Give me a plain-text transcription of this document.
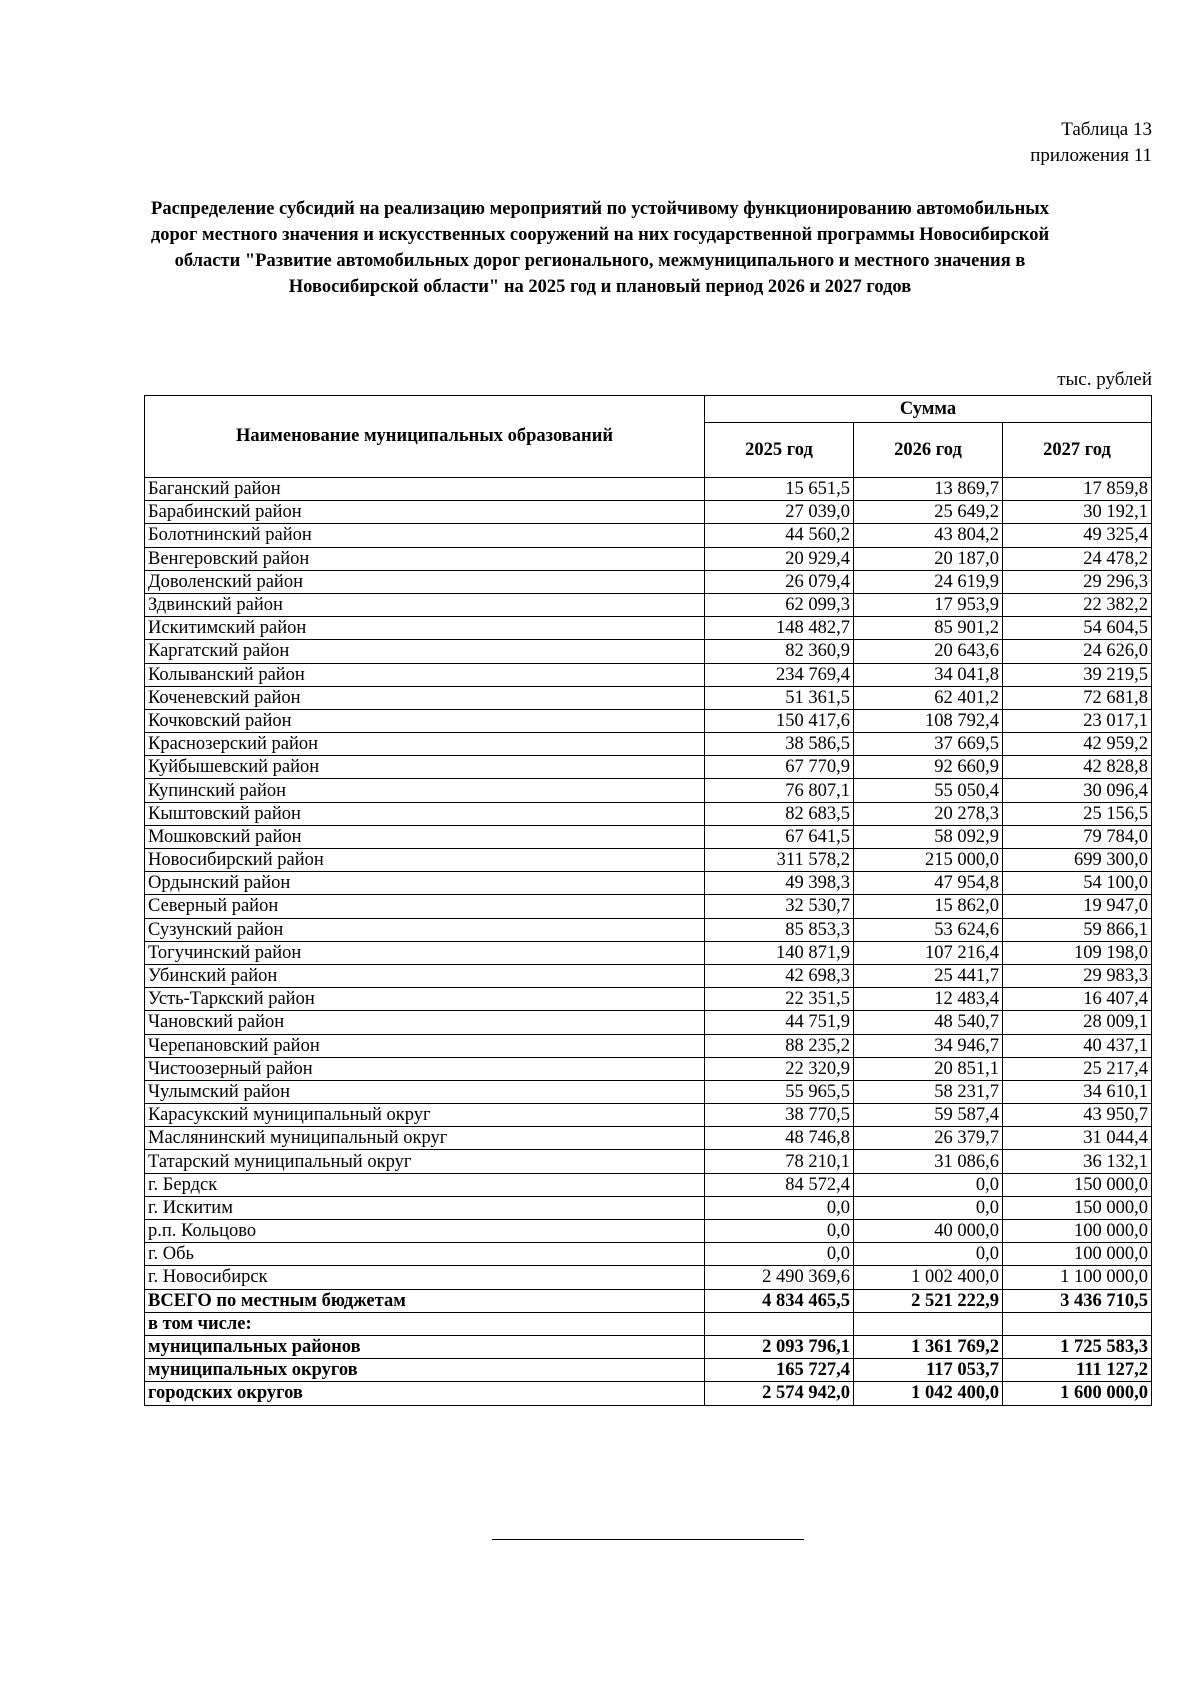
Таблица 13
приложения 11
Распределение субсидий на реализацию мероприятий по устойчивому функционированию автомобильных дорог местного значения и искусственных сооружений на них государственной программы Новосибирской области "Развитие автомобильных дорог регионального, межмуниципального и местного значения в Новосибирской области" на 2025 год и плановый период 2026 и 2027 годов
тыс. рублей
Наименование муниципальных образований	Сумма		
	2025 год	2026 год	2027 год
Баганский район	15 651,5	13 869,7	17 859,8
Барабинский район	27 039,0	25 649,2	30 192,1
Болотнинский район	44 560,2	43 804,2	49 325,4
Венгеровский район	20 929,4	20 187,0	24 478,2
Доволенский район	26 079,4	24 619,9	29 296,3
Здвинский район	62 099,3	17 953,9	22 382,2
Искитимский район	148 482,7	85 901,2	54 604,5
Каргатский район	82 360,9	20 643,6	24 626,0
Колыванский район	234 769,4	34 041,8	39 219,5
Коченевский район	51 361,5	62 401,2	72 681,8
Кочковский район	150 417,6	108 792,4	23 017,1
Краснозерский район	38 586,5	37 669,5	42 959,2
Куйбышевский район	67 770,9	92 660,9	42 828,8
Купинский район	76 807,1	55 050,4	30 096,4
Кыштовский район	82 683,5	20 278,3	25 156,5
Мошковский район	67 641,5	58 092,9	79 784,0
Новосибирский район	311 578,2	215 000,0	699 300,0
Ордынский район	49 398,3	47 954,8	54 100,0
Северный район	32 530,7	15 862,0	19 947,0
Сузунский район	85 853,3	53 624,6	59 866,1
Тогучинский район	140 871,9	107 216,4	109 198,0
Убинский район	42 698,3	25 441,7	29 983,3
Усть-Таркский район	22 351,5	12 483,4	16 407,4
Чановский район	44 751,9	48 540,7	28 009,1
Черепановский район	88 235,2	34 946,7	40 437,1
Чистоозерный район	22 320,9	20 851,1	25 217,4
Чулымский район	55 965,5	58 231,7	34 610,1
Карасукский муниципальный округ	38 770,5	59 587,4	43 950,7
Маслянинский муниципальный округ	48 746,8	26 379,7	31 044,4
Татарский муниципальный округ	78 210,1	31 086,6	36 132,1
г. Бердск	84 572,4	0,0	150 000,0
г. Искитим	0,0	0,0	150 000,0
р.п. Кольцово	0,0	40 000,0	100 000,0
г. Обь	0,0	0,0	100 000,0
г. Новосибирск	2 490 369,6	1 002 400,0	1 100 000,0
ВСЕГО по местным бюджетам	4 834 465,5	2 521 222,9	3 436 710,5
в том числе:			
муниципальных районов	2 093 796,1	1 361 769,2	1 725 583,3
муниципальных округов	165 727,4	117 053,7	111 127,2
городских округов	2 574 942,0	1 042 400,0	1 600 000,0
